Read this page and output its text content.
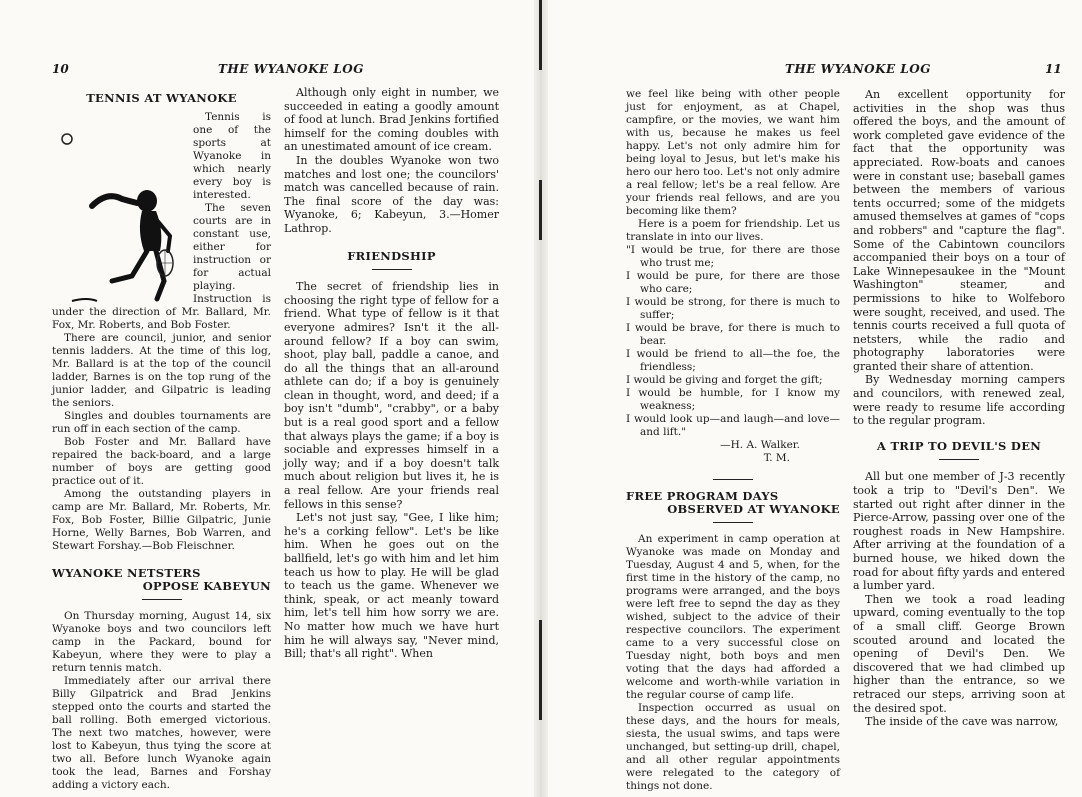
10	THE WYANOKE LOG
TENNIS AT WYANOKE

Tennis is one of the sports at Wyanoke in which nearly every boy is interested.

The seven courts are in constant use, either for instruction or for actual playing. Instruction is under the direction of Mr. Ballard, Mr. Fox, Mr. Roberts, and Bob Foster.

There are council, junior, and senior tennis ladders. At the time of this log, Mr. Ballard is at the top of the council ladder, Barnes is on the top rung of the junior ladder, and Gilpatric is leading the seniors.

Singles and doubles tournaments are run off in each section of the camp.

Bob Foster and Mr. Ballard have repaired the back-board, and a large number of boys are getting good practice out of it.

Among the outstanding players in camp are Mr. Ballard, Mr. Roberts, Mr. Fox, Bob Foster, Billie Gilpatric, Junie Horne, Welly Barnes, Bob Warren, and Stewart Forshay.—Bob Fleischner.

WYANOKE NETSTERS
OPPOSE KABEYUN

On Thursday morning, August 14, six Wyanoke boys and two councilors left camp in the Packard, bound for Kabeyun, where they were to play a return tennis match.

Immediately after our arrival there Billy Gilpatrick and Brad Jenkins stepped onto the courts and started the ball rolling. Both emerged victorious. The next two matches, however, were lost to Kabeyun, thus tying the score at two all. Before lunch Wyanoke again took the lead, Barnes and Forshay adding a victory each.

Although only eight in number, we succeeded in eating a goodly amount of food at lunch. Brad Jenkins fortified himself for the coming doubles with an unestimated amount of ice cream.

In the doubles Wyanoke won two matches and lost one; the councilors' match was cancelled because of rain. The final score of the day was: Wyanoke, 6; Kabeyun, 3.—Homer Lathrop.

FRIENDSHIP

The secret of friendship lies in choosing the right type of fellow for a friend. What type of fellow is it that everyone admires? Isn't it the all-around fellow? If a boy can swim, shoot, play ball, paddle a canoe, and do all the things that an all-around athlete can do; if a boy is genuinely clean in thought, word, and deed; if a boy isn't "dumb", "crabby", or a baby but is a real good sport and a fellow that always plays the game; if a boy is sociable and expresses himself in a jolly way; and if a boy doesn't talk much about religion but lives it, he is a real fellow. Are your friends real fellows in this sense?

Let's not just say, "Gee, I like him; he's a corking fellow". Let's be like him. When he goes out on the ballfield, let's go with him and let him teach us how to play. He will be glad to teach us the game. Whenever we think, speak, or act meanly toward him, let's tell him how sorry we are. No matter how much we have hurt him he will always say, "Never mind, Bill; that's all right". When

THE WYANOKE LOG	11

we feel like being with other people just for enjoyment, as at Chapel, campfire, or the movies, we want him with us, because he makes us feel happy. Let's not only admire him for being loyal to Jesus, but let's make his hero our hero too. Let's not only admire a real fellow; let's be a real fellow. Are your friends real fellows, and are you becoming like them?

Here is a poem for friendship. Let us translate in into our lives.

"I would be true, for there are those who trust me;

I would be pure, for there are those who care;

I would be strong, for there is much to suffer;

I would be brave, for there is much to bear.

I would be friend to all—the foe, the friendless;

I would be giving and forget the gift;

I would be humble, for I know my weakness;

I would look up—and laugh—and love—and lift."

—H. A. Walker.
T. M.
FREE PROGRAM DAYS
OBSERVED AT WYANOKE

An experiment in camp operation at Wyanoke was made on Monday and Tuesday, August 4 and 5, when, for the first time in the history of the camp, no programs were arranged, and the boys were left free to sepnd the day as they wished, subject to the advice of their respective councilors. The experiment came to a very successful close on Tuesday night, both boys and men voting that the days had afforded a welcome and worth-while variation in the regular course of camp life.

Inspection occurred as usual on these days, and the hours for meals, siesta, the usual swims, and taps were unchanged, but setting-up drill, chapel, and all other regular appointments were relegated to the category of things not done.

An excellent opportunity for activities in the shop was thus offered the boys, and the amount of work completed gave evidence of the fact that the opportunity was appreciated. Row-boats and canoes were in constant use; baseball games between the members of various tents occurred; some of the midgets amused themselves at games of "cops and robbers" and "capture the flag". Some of the Cabintown councilors accompanied their boys on a tour of Lake Winnepesaukee in the "Mount Washington" steamer, and permissions to hike to Wolfeboro were sought, received, and used. The tennis courts received a full quota of netsters, while the radio and photography laboratories were granted their share of attention.

By Wednesday morning campers and councilors, with renewed zeal, were ready to resume life according to the regular program.

A TRIP TO DEVIL'S DEN

All but one member of J-3 recently took a trip to "Devil's Den". We started out right after dinner in the Pierce-Arrow, passing over one of the roughest roads in New Hampshire. After arriving at the foundation of a burned house, we hiked down the road for about fifty yards and entered a lumber yard.

Then we took a road leading upward, coming eventually to the top of a small cliff. George Brown scouted around and located the opening of Devil's Den. We discovered that we had climbed up higher than the entrance, so we retraced our steps, arriving soon at the desired spot.

The inside of the cave was narrow,
